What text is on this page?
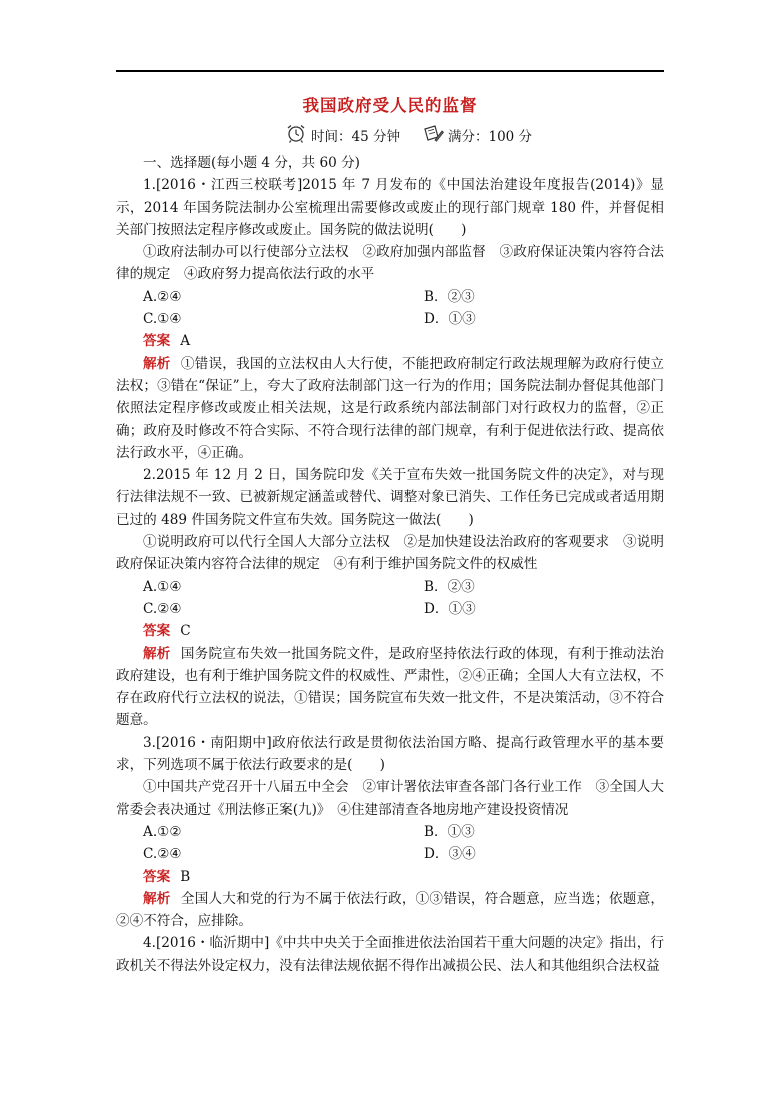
我国政府受人民的监督
时间：45 分钟	满分：100 分

一、选择题(每小题 4 分，共 60 分)

1.[2016・江西三校联考]2015 年 7 月发布的《中国法治建设年度报告(2014)》显示，2014 年国务院法制办公室梳理出需要修改或废止的现行部门规章 180 件，并督促相关部门按照法定程序修改或废止。国务院的做法说明(　　)

①政府法制办可以行使部分立法权　②政府加强内部监督　③政府保证决策内容符合法律的规定　④政府努力提高依法行政的水平

A.②④	B．②③
C.①④	D．①③

答案 A

解析 ①错误，我国的立法权由人大行使，不能把政府制定行政法规理解为政府行使立法权；③错在“保证”上，夸大了政府法制部门这一行为的作用；国务院法制办督促其他部门依照法定程序修改或废止相关法规，这是行政系统内部法制部门对行政权力的监督，②正确；政府及时修改不符合实际、不符合现行法律的部门规章，有利于促进依法行政、提高依法行政水平，④正确。

2.2015 年 12 月 2 日，国务院印发《关于宣布失效一批国务院文件的决定》，对与现行法律法规不一致、已被新规定涵盖或替代、调整对象已消失、工作任务已完成或者适用期已过的 489 件国务院文件宣布失效。国务院这一做法(　　)

①说明政府可以代行全国人大部分立法权　②是加快建设法治政府的客观要求　③说明政府保证决策内容符合法律的规定　④有利于维护国务院文件的权威性

A.①④	B．②③
C.②④	D．①③

答案 C

解析 国务院宣布失效一批国务院文件，是政府坚持依法行政的体现，有利于推动法治政府建设，也有利于维护国务院文件的权威性、严肃性，②④正确；全国人大有立法权，不存在政府代行立法权的说法，①错误；国务院宣布失效一批文件，不是决策活动，③不符合题意。

3.[2016・南阳期中]政府依法行政是贯彻依法治国方略、提高行政管理水平的基本要求，下列选项不属于依法行政要求的是(　　)

①中国共产党召开十八届五中全会　②审计署依法审查各部门各行业工作　③全国人大常委会表决通过《刑法修正案(九)》　④住建部清查各地房地产建设投资情况

A.①②	B．①③
C.②④	D．③④

答案 B

解析 全国人大和党的行为不属于依法行政，①③错误，符合题意，应当选；依题意，②④不符合，应排除。

4.[2016・临沂期中]《中共中央关于全面推进依法治国若干重大问题的决定》指出，行政机关不得法外设定权力，没有法律法规依据不得作出减损公民、法人和其他组织合法权益
